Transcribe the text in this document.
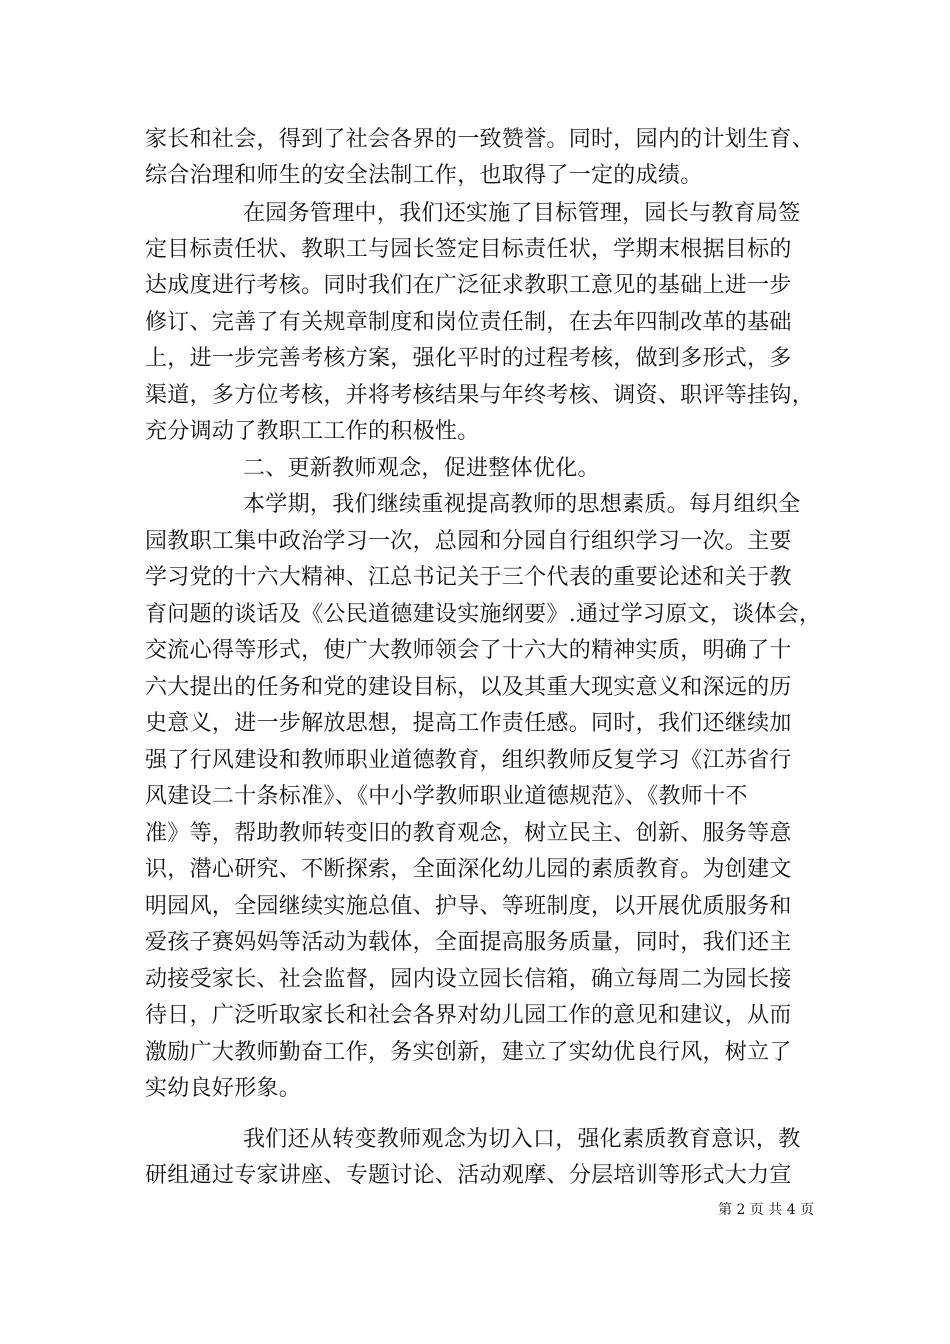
家长和社会，得到了社会各界的一致赞誉。同时，园内的计划生育、
综合治理和师生的安全法制工作，也取得了一定的成绩。
在园务管理中，我们还实施了目标管理，园长与教育局签
定目标责任状、教职工与园长签定目标责任状，学期末根据目标的
达成度进行考核。同时我们在广泛征求教职工意见的基础上进一步
修订、完善了有关规章制度和岗位责任制，在去年四制改革的基础
上，进一步完善考核方案，强化平时的过程考核，做到多形式，多
渠道，多方位考核，并将考核结果与年终考核、调资、职评等挂钩，
充分调动了教职工工作的积极性。
二、更新教师观念，促进整体优化。
本学期，我们继续重视提高教师的思想素质。每月组织全
园教职工集中政治学习一次，总园和分园自行组织学习一次。主要
学习党的十六大精神、江总书记关于三个代表的重要论述和关于教
育问题的谈话及《公民道德建设实施纲要》.通过学习原文，谈体会，
交流心得等形式，使广大教师领会了十六大的精神实质，明确了十
六大提出的任务和党的建设目标，以及其重大现实意义和深远的历
史意义，进一步解放思想，提高工作责任感。同时，我们还继续加
强了行风建设和教师职业道德教育，组织教师反复学习《江苏省行
风建设二十条标准》、《中小学教师职业道德规范》、《教师十不
准》等，帮助教师转变旧的教育观念，树立民主、创新、服务等意
识，潜心研究、不断探索，全面深化幼儿园的素质教育。为创建文
明园风，全园继续实施总值、护导、等班制度，以开展优质服务和
爱孩子赛妈妈等活动为载体，全面提高服务质量，同时，我们还主
动接受家长、社会监督，园内设立园长信箱，确立每周二为园长接
待日，广泛听取家长和社会各界对幼儿园工作的意见和建议，从而
激励广大教师勤奋工作，务实创新，建立了实幼优良行风，树立了
实幼良好形象。
我们还从转变教师观念为切入口，强化素质教育意识，教
研组通过专家讲座、专题讨论、活动观摩、分层培训等形式大力宣
第 2 页 共 4 页
